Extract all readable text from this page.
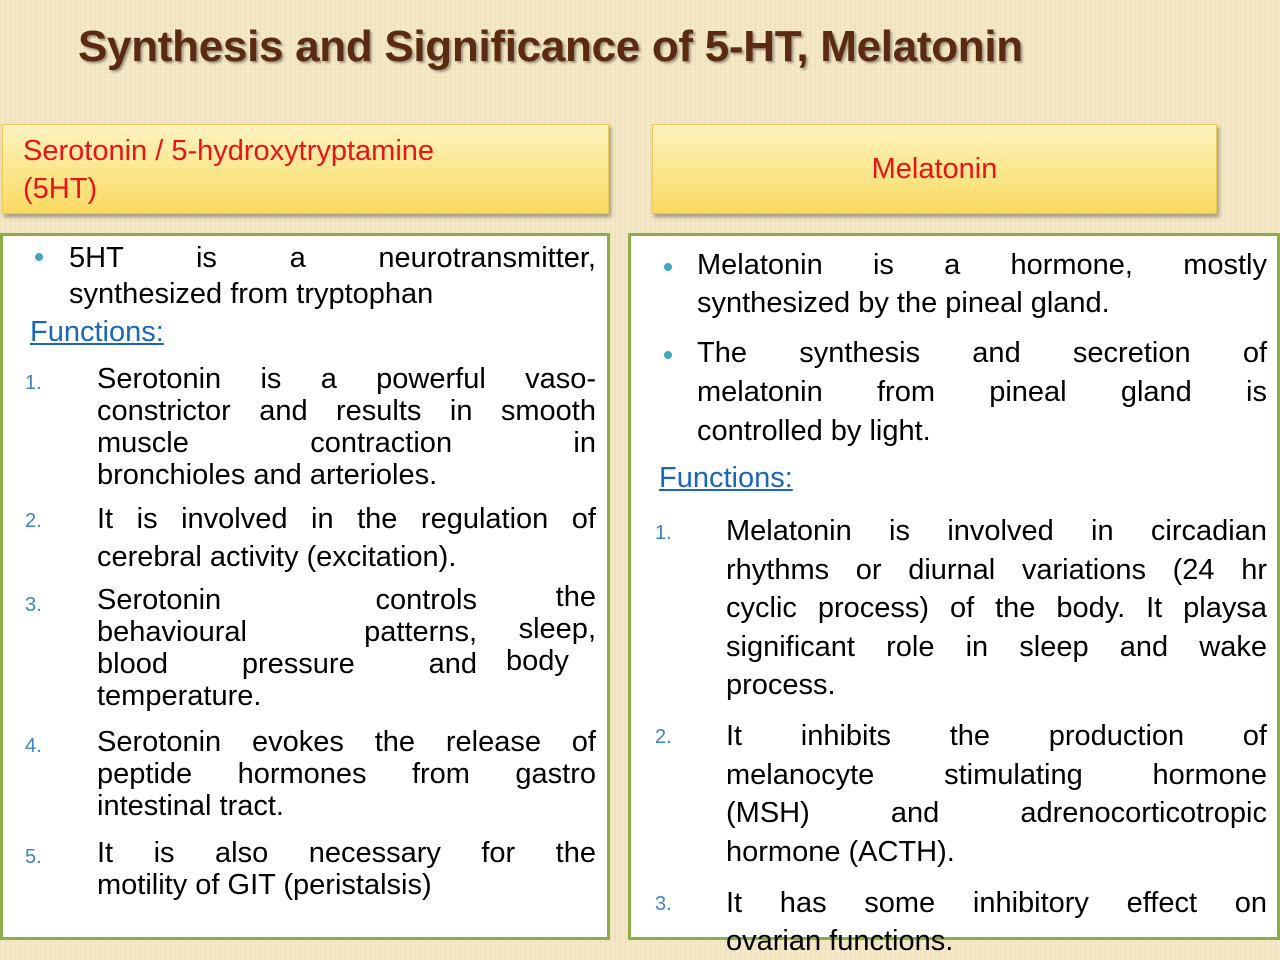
Synthesis and Significance of 5-HT, Melatonin
Serotonin / 5-hydroxytryptamine
(5HT)
Melatonin
5HT is a neurotransmitter,
synthesized from tryptophan
Functions:
1. Serotonin is a powerful vaso-
constrictor and results in smooth
muscle contraction in
bronchioles and arterioles.
2. It is involved in the regulation of
cerebral activity (excitation).
3. Serotonin controls
behavioural patterns,
blood pressure and
temperature.
the
sleep,
body
4. Serotonin evokes the release of
peptide hormones from gastro
intestinal tract.
5. It is also necessary for the
motility of GIT (peristalsis)
Melatonin is a hormone, mostly
synthesized by the pineal gland.
The synthesis and secretion of
melatonin from pineal gland is
controlled by light.
Functions:
1. Melatonin is involved in circadian
rhythms or diurnal variations (24 hr
cyclic process) of the body. It playsa
significant role in sleep and wake
process.
2. It inhibits the production of
melanocyte stimulating hormone
(MSH) and adrenocorticotropic
hormone (ACTH).
3. It has some inhibitory effect on
ovarian functions.
